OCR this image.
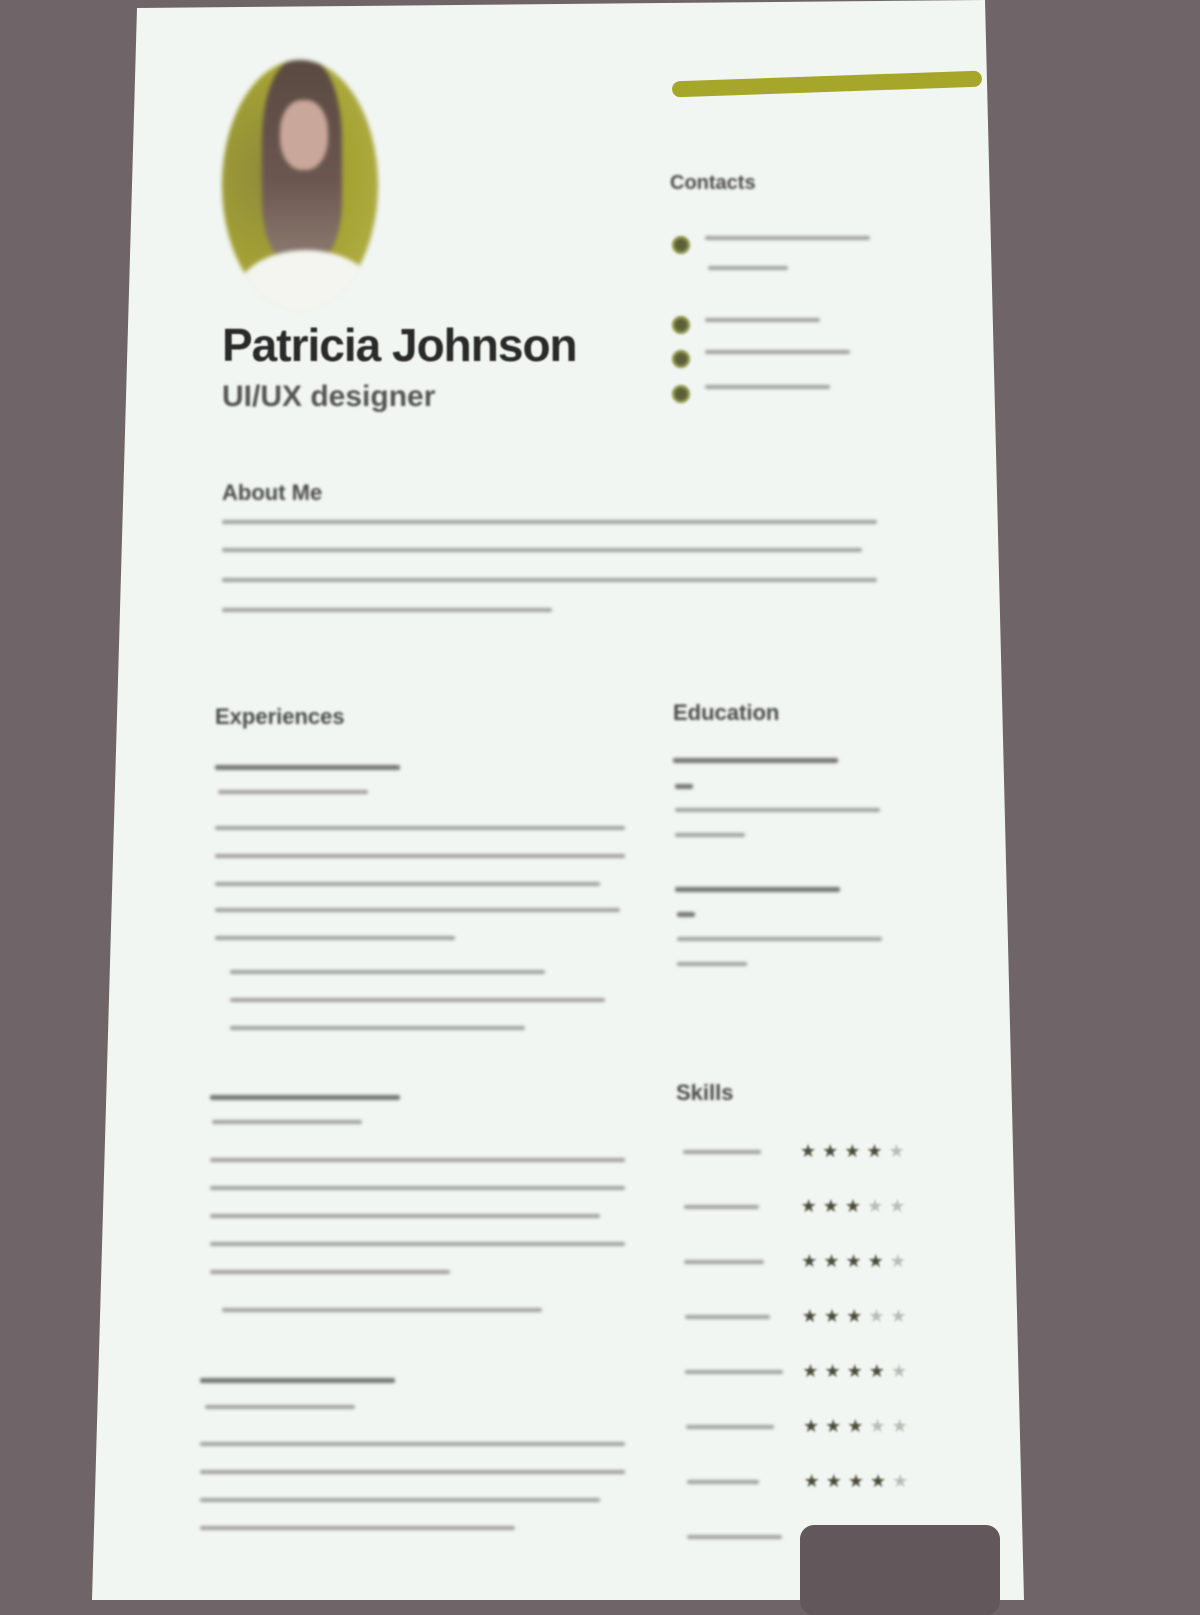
Patricia Johnson
UI/UX designer
Contacts
About Me
Experiences	Education
Skills
★★★★★
★★★★★
★★★★★
★★★★★
★★★★★
★★★★★
★★★★★
